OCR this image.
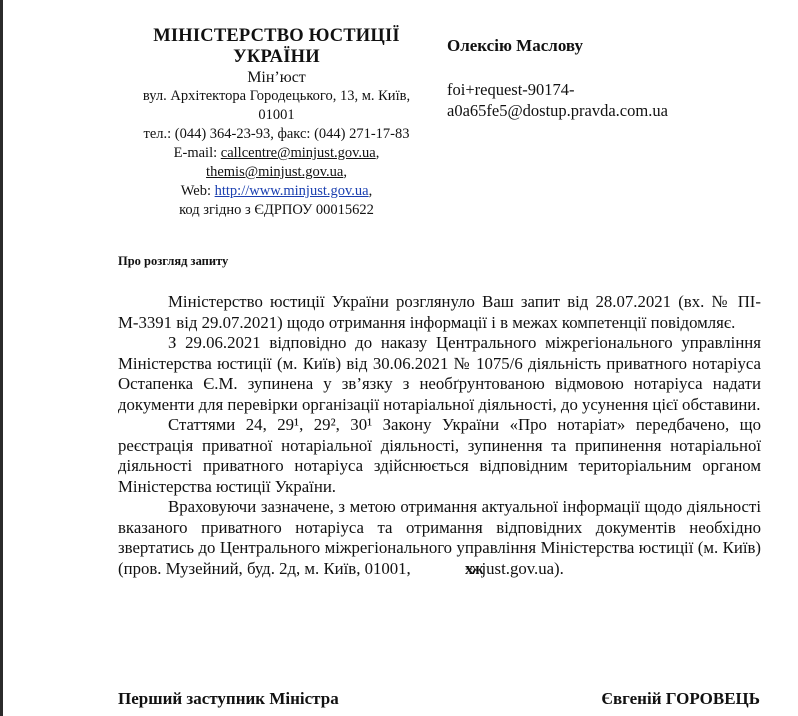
МІНІСТЕРСТВО ЮСТИЦІЇ
УКРАЇНИ
Мін’юст
вул. Архітектора Городецького, 13, м. Київ,
01001
тел.: (044) 364-23-93, факс: (044) 271-17-83
E-mail: callcentre@minjust.gov.ua,
themis@minjust.gov.ua,
Web: http://www.minjust.gov.ua,
код згідно з ЄДРПОУ 00015622
Олексію Маслову
foi+request-90174-
a0a65fe5@dostup.pravda.com.ua
Про розгляд запиту

Міністерство юстиції України розглянуло Ваш запит від 28.07.2021 (вх. № ПІ-М-3391 від 29.07.2021) щодо отримання інформації і в межах компетенції повідомляє.

З 29.06.2021 відповідно до наказу Центрального міжрегіонального управління Міністерства юстиції (м. Київ) від 30.06.2021 № 1075/6 діяльність приватного нотаріуса Остапенка Є.М. зупинена у зв’язку з необґрунтованою відмовою нотаріуса надати документи для перевірки організації нотаріальної діяльності, до усунення цієї обставини.

Статтями 24, 29¹, 29², 30¹ Закону України «Про нотаріат» передбачено, що реєстрація приватної нотаріальної діяльності, зупинення та припинення нотаріальної діяльності приватного нотаріуса здійснюється відповідним територіальним органом Міністерства юстиції України.

Враховуючи зазначене, з метою отримання актуальної інформації щодо діяльності вказаного приватного нотаріуса та отримання відповідних документів необхідно звертатись до Центрального міжрегіонального управління Міністерства юстиції (м. Київ) (пров. Музейний, буд. 2д, м. Київ, 01001,	ӿжjust.gov.ua).

Перший заступник Міністра	Євгеній ГОРОВЕЦЬ
